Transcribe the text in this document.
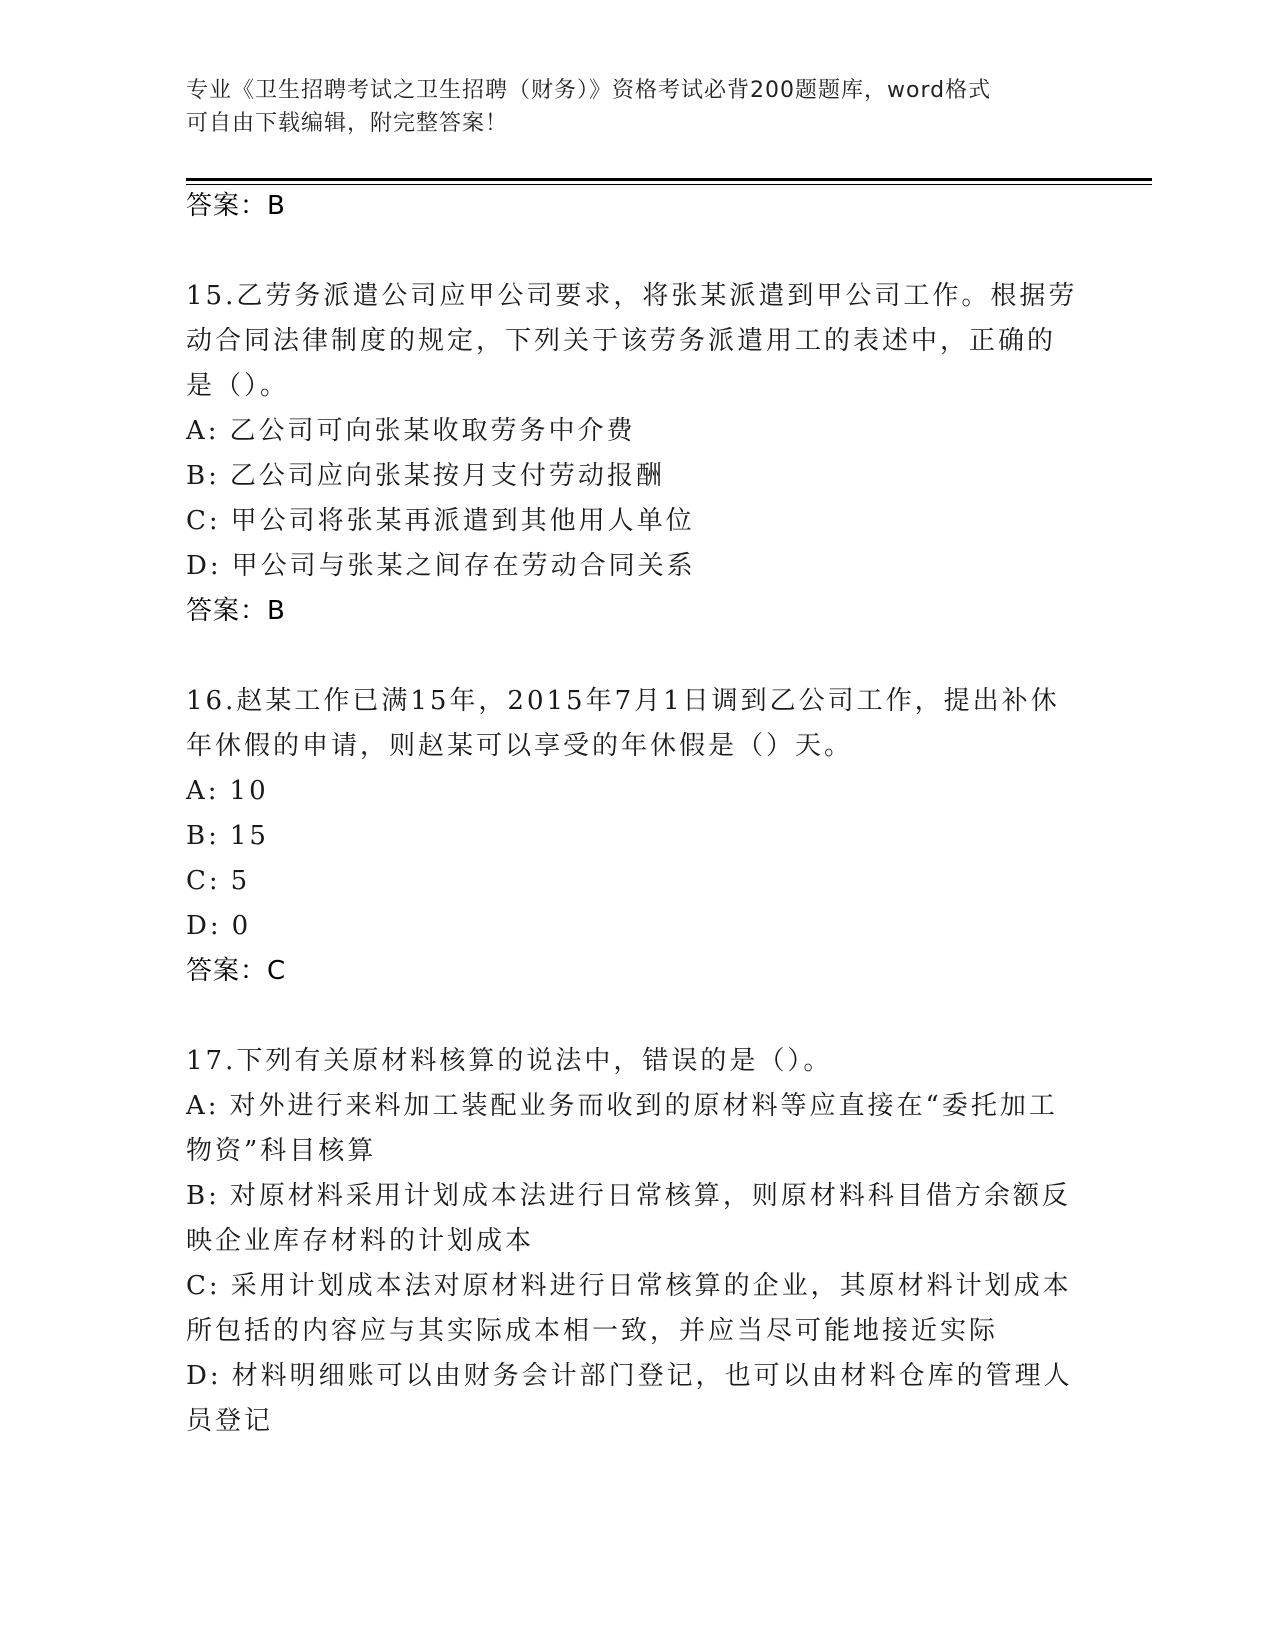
专业《卫生招聘考试之卫生招聘（财务）》资格考试必背200题题库，word格式
可自由下载编辑，附完整答案！

答案：B

15.乙劳务派遣公司应甲公司要求，将张某派遣到甲公司工作。根据劳

动合同法律制度的规定，下列关于该劳务派遣用工的表述中，正确的

是（）。

A: 乙公司可向张某收取劳务中介费

B: 乙公司应向张某按月支付劳动报酬

C: 甲公司将张某再派遣到其他用人单位

D: 甲公司与张某之间存在劳动合同关系

答案：B

16.赵某工作已满15年，2015年7月1日调到乙公司工作，提出补休

年休假的申请，则赵某可以享受的年休假是（）天。

A: 10

B: 15

C: 5

D: 0

答案：C

17.下列有关原材料核算的说法中，错误的是（）。

A: 对外进行来料加工装配业务而收到的原材料等应直接在“委托加工

物资”科目核算

B: 对原材料采用计划成本法进行日常核算，则原材料科目借方余额反

映企业库存材料的计划成本

C: 采用计划成本法对原材料进行日常核算的企业，其原材料计划成本

所包括的内容应与其实际成本相一致，并应当尽可能地接近实际

D: 材料明细账可以由财务会计部门登记，也可以由材料仓库的管理人

员登记
